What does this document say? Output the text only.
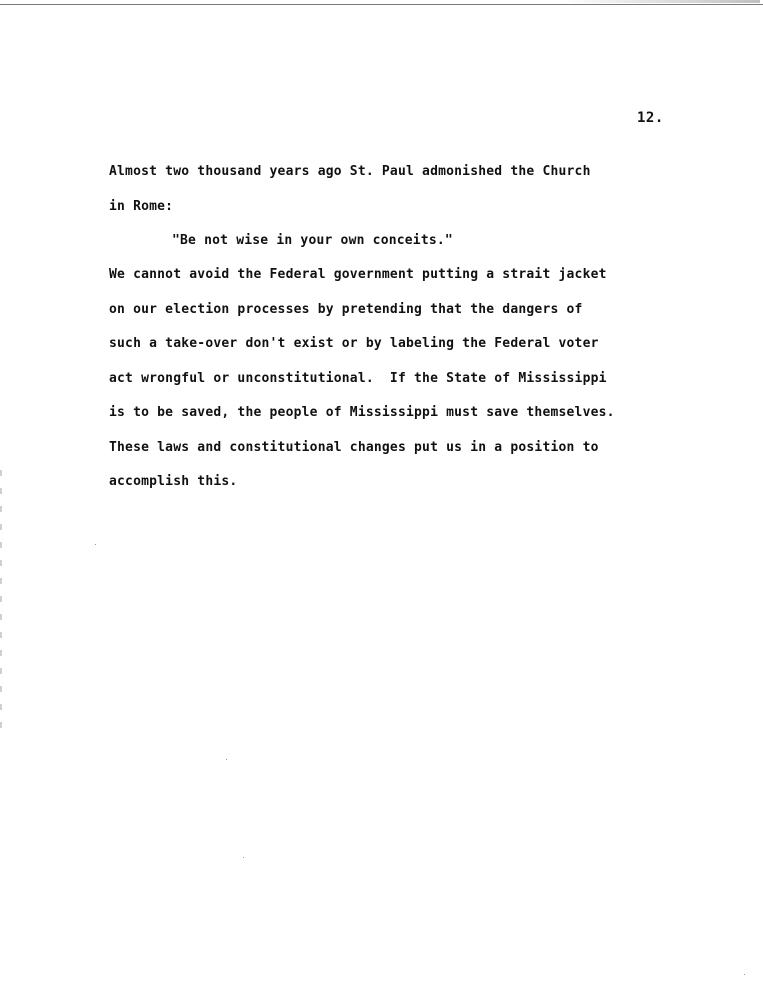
12.
Almost two thousand years ago St. Paul admonished the Church
in Rome:
"Be not wise in your own conceits."
We cannot avoid the Federal government putting a strait jacket
on our election processes by pretending that the dangers of
such a take-over don't exist or by labeling the Federal voter
act wrongful or unconstitutional.  If the State of Mississippi
is to be saved, the people of Mississippi must save themselves.
These laws and constitutional changes put us in a position to
accomplish this.
